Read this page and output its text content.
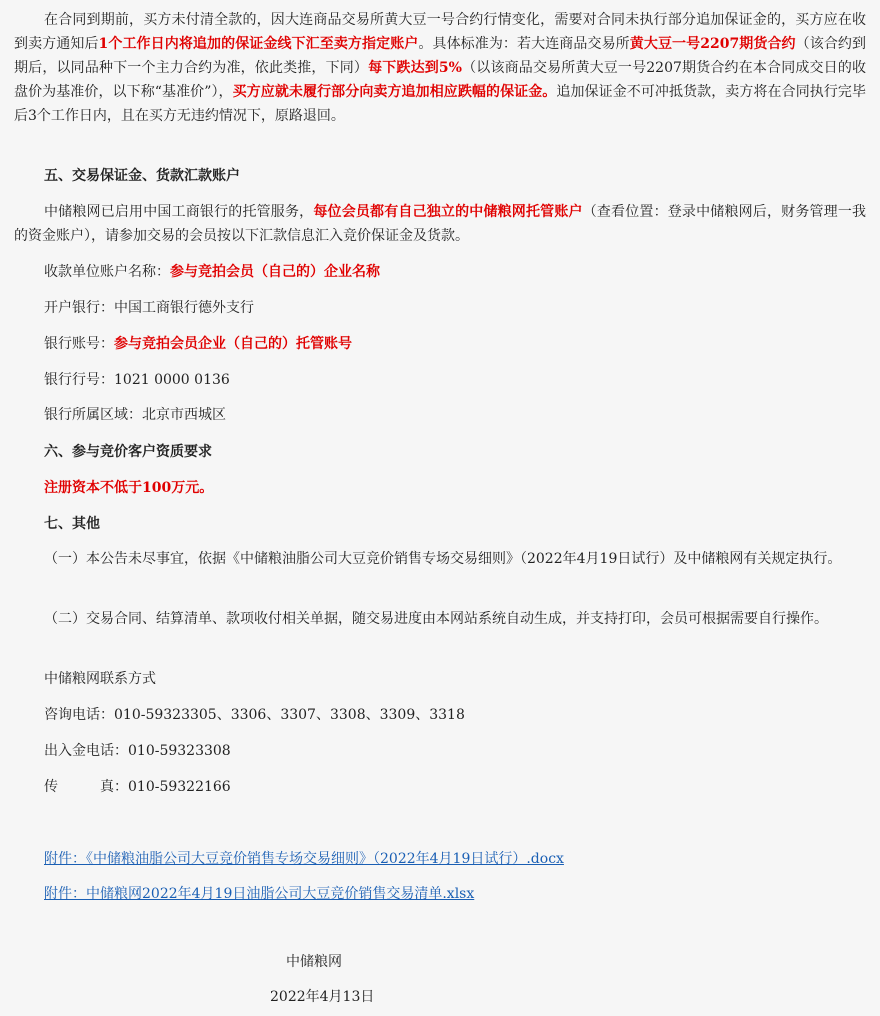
在合同到期前，买方未付清全款的，因大连商品交易所黄大豆一号合约行情变化，需要对合同未执行部分追加保证金的，买方应在收到卖方通知后1个工作日内将追加的保证金线下汇至卖方指定账户。具体标准为：若大连商品交易所黄大豆一号2207期货合约（该合约到期后，以同品种下一个主力合约为准，依此类推，下同）每下跌达到5%（以该商品交易所黄大豆一号2207期货合约在本合同成交日的收盘价为基准价，以下称“基准价”），买方应就未履行部分向卖方追加相应跌幅的保证金。追加保证金不可冲抵货款，卖方将在合同执行完毕后3个工作日内，且在买方无违约情况下，原路退回。

五、交易保证金、货款汇款账户

中储粮网已启用中国工商银行的托管服务，每位会员都有自己独立的中储粮网托管账户（查看位置：登录中储粮网后，财务管理一我的资金账户），请参加交易的会员按以下汇款信息汇入竞价保证金及货款。

收款单位账户名称：参与竞拍会员（自己的）企业名称

开户银行：中国工商银行德外支行

银行账号：参与竞拍会员企业（自己的）托管账号

银行行号：1021 0000 0136

银行所属区域：北京市西城区

六、参与竞价客户资质要求

注册资本不低于100万元。

七、其他

（一）本公告未尽事宜，依据《中储粮油脂公司大豆竞价销售专场交易细则》（2022年4月19日试行）及中储粮网有关规定执行。

（二）交易合同、结算清单、款项收付相关单据，随交易进度由本网站系统自动生成，并支持打印，会员可根据需要自行操作。

中储粮网联系方式

咨询电话：010-59323305、3306、3307、3308、3309、3318

出入金电话：010-59323308

传　　　真：010-59322166

附件：《中储粮油脂公司大豆竞价销售专场交易细则》（2022年4月19日试行）.docx

附件：中储粮网2022年4月19日油脂公司大豆竞价销售交易清单.xlsx

中储粮网
2022年4月13日
